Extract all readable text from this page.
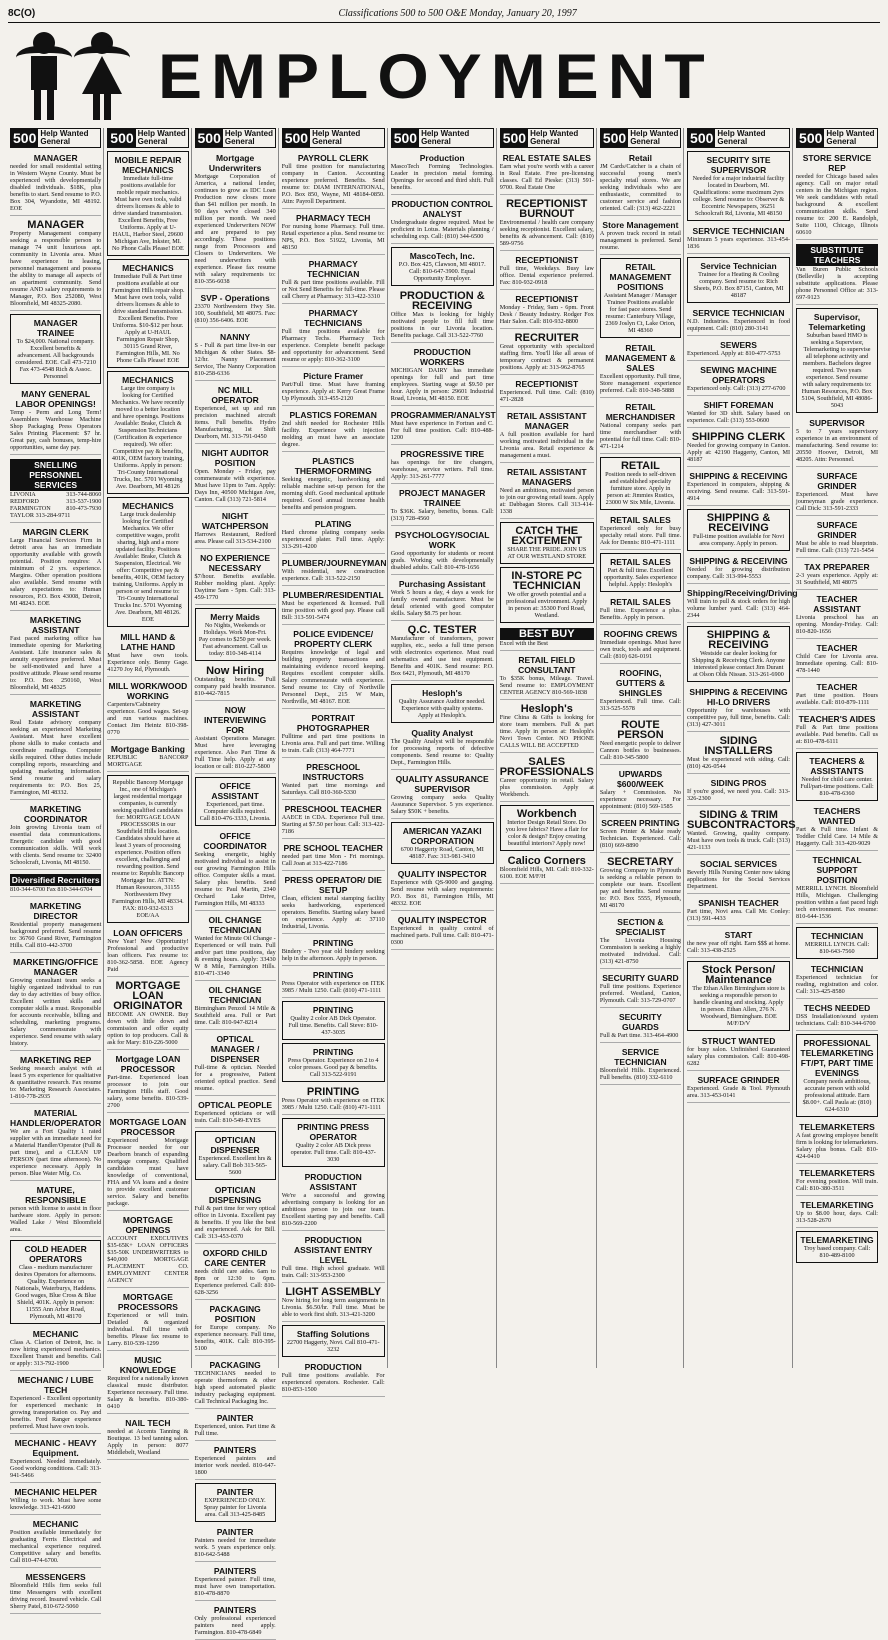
8C(O)	Classifications 500 to 500 O&E Monday, January 20, 1997
EMPLOYMENT
500 Help Wanted General
MANAGER
needed for small residential setting in Western Wayne County. Must be experienced with developmentally disabled individuals. $18K, plus benefits to start. Send resume to P.O. Box 304, Wyandotte, MI 48192. EOE
MANAGER
Property Management company seeking a responsible person to manage 74 unit luxurious apt. community in Livonia area. Must have experience in leasing, personnel management and possess the ability to manage all aspects of an apartment community. Send resume AND salary requirements to Manager, P.O. Box 252080, West Bloomfield, MI 48325-2080.
MANAGER TRAINEE
To $24,000. National company. Excellent benefits & advancement. All backgrounds considered. EOE. Call 473-7210 Fax 473-4548 Rich & Assoc. Personnel
MANY GENERAL LABOR OPENINGS!
Temp - Perm and Long Term! Assemblers Warehouse Machine Shop Packaging Press Operators Sales Printing Placement: $7 hr. Great pay, cash bonuses, temp-hire opportunities, same day pay.
SNELLING PERSONNEL SERVICES
LIVONIA 313-744-8060 REDFORD 313-537-1900 FARMINGTON 810-473-7930 TAYLOR 313-284-9711
MARGIN CLERK
Large Financial Services Firm in detroit area has an immediate opportunity available with growth potential. Position requires: A minimum of 2 yrs. experience. Margins. Other operation positions also available. Send resume with salary expectations to: Human resources, P.O. Box 43008, Detroit, MI 48243. EOE
MARKETING ASSISTANT
Fast paced marketing office has immediate opening for Marketing Assistant. Life insurance sales & annuity experience preferred. Must be self-motivated and have a positive attitude. Please send resume to: P.O. Box 250160, West Bloomfield, MI 48325
MARKETING ASSISTANT
Real Estate advisory company seeking an experienced Marketing Assistant. Must have excellent phone skills to make contacts and coordinate mailings. Computer skills required. Other duties include compiling reports, researching and updating marketing information. Send resume and salary requirements to: P.O. Box 25, Farmington, MI 48332.
MARKETING COORDINATOR
Join growing Livonia team of essential data communications. Energetic candidate with good communication skills. Will work with clients. Send resume to: 32400 Schoolcraft, Livonia, MI 48150.
Diversified Recruiters
810-344-6700 Fax 810-344-6704
MARKETING DIRECTOR
Residential property management background preferred. Send resume to: 36760 Grand River, Farmington Hills. Call 810-442-3700
MARKETING/OFFICE MANAGER
Growing consultant team seeks a highly organized individual to run day to day activities of busy office. Excellent written skills and computer skills a must. Responsible for accounts receivable, billing and scheduling, marketing programs. Salary commensurate with experience. Send resume with salary history.
MARKETING REP
Seeking research analyst with at least 5 yrs experience for qualitative & quantitative research. Fax resume to: Marketing Research Associates. 1-810-778-2935
MATERIAL HANDLER/OPERATOR
We are a Fort Quality 1 rated supplier with an immediate need for a Material Handler/Operator (Full & part time), and a CLEAN UP PERSON (part time afternoon). No experience necessary. Apply in person. Blue Water Mfg. Co.
MATURE, RESPONSIBLE
person with license to assist in floor hardware store. Apply in person: Walled Lake / West Bloomfield area.
COLD HEADER OPERATORS
Class - medium manufacturer desires Operators for afternoons. Quality. Experience on Nationals, Waterburys, Haddens. Good wages, Blue Cross & Blue Shield, 401K. Apply in person: 11555 Ann Arbor Road, Plymouth, MI 48170
MECHANIC
Class A. Clarion of Detroit, Inc. is now hiring experienced mechanics. Excellent Transit and benefits. Call or apply: 313-792-1900
MECHANIC / LUBE TECH
Experienced - Excellent opportunity for experienced mechanic in growing transportation co. Pay and benefits. Ford Ranger experience preferred. Must have own tools.
MECHANIC - HEAVY Equipment.
Experienced. Needed immediately. Good working conditions. Call: 313-941-5466
MECHANIC HELPER
Willing to work. Must have some knowledge. 313-421-6600
MECHANIC
Position available immediately for graduating Ferris Electrical and mechanical experience required. Competitive salary and benefits. Call 810-474-6700.
MESSENGERS
Bloomfield Hills firm seeks full time Messengers with excellent driving record. Insured vehicle. Call Sherry Patel, 810-672-5060
500 Help Wanted General
MOBILE REPAIR MECHANICS
Immediate full-time positions available for mobile repair mechanics. Must have own tools, valid drivers licenses & able to drive standard transmission. Excellent Benefits, Free Uniforms. Apply at U-HAUL, Harbor Steel, 29600 Michigan Ave, Inkster, MI. No Phone Calls Please! EOE
MECHANICS
Immediate Full & Part time positions available at our Farmington Hills repair shop. Must have own tools, valid drivers licenses & able to drive standard transmission. Excellent Benefits. Free Uniforms. $10-$12 per hour. Apply at U-HAUL Farmington Repair Shop, 30115 Grand River, Farmington Hills, MI. No Phone Calls Please! EOE
MECHANICS
Large tire company is looking for Certified Mechanics. We have recently moved to a better location and have openings. Positions Available: Brake, Clutch & Suspension Technicians (Certification & experience required). We offer: Competitive pay & benefits, 401K, OEM factory training, Uniforms. Apply in person: Tri-County International Trucks, Inc. 5701 Wyoming Ave. Dearborn, MI 48126
MECHANICS
Large truck dealership looking for Certified Mechanics. We offer competitive wages, profit sharing, high and a more updated facility. Positions Available: Brake, Clutch & Suspension, Electrical. We offer: Competitive pay & benefits, 401K, OEM factory training, Uniforms. Apply in person or send resume to: Tri-County International Trucks Inc. 5701 Wyoming Ave. Dearborn, MI 48126. EOE
MILL HAND & LATHE HAND
Must have own tools. Experience only. Benny Gage. 41270 Joy Rd, Plymouth.
MILL WORK/WOOD WORKING
Carpenters/Cabinetry experience. Good wages. Set-up and run various machines. Contact Jim Heintz 810-398-0770
Mortgage Banking
REPUBLIC BANCORP MORTGAGE
Republic Bancorp Mortgage Inc., one of Michigan's largest residential mortgage companies, is currently seeking qualified candidates for: MORTGAGE LOAN PROCESSORS in our Southfield Hills location. Candidates should have at least 3 years of processing experience. Position offers excellent, challenging and rewarding position. Send resume to: Republic Bancorp Mortgage Inc. ATTN: Human Resources, 31155 Northwestern Hwy Farmington Hills, MI 48334. FAX: 810-932-6313 EOE/AA
LOAN OFFICERS
New Year! New Opportunity! Professional and productive loan officers. Fax resume to: 810-362-5858. EOE Agency Paid
MORTGAGE LOAN ORIGINATOR
BECOME AN OWNER. Buy down with little down and commission and offer equity option to top producers. Call & ask for Mary: 810-226-5000
Mortgage LOAN PROCESSOR
Part-time. Experienced loan processor to join our Farmington Hills staff. Good salary, some benefits. 810-539-2700
MORTGAGE LOAN PROCESSOR
Experienced Mortgage Processor needed for our Dearborn branch of expanding mortgage company. Qualified candidates must have knowledge of conventional, FHA and VA loans and a desire to provide excellent customer service. Salary and benefits package.
MORTGAGE OPENINGS
ACCOUNT EXECUTIVES $35-65K+ LOAN OFFICERS $35-50K UNDERWRITERS to $40,000 MORTGAGE PLACEMENT CO. EMPLOYMENT CENTER AGENCY
MORTGAGE PROCESSORS
Experienced or will train. Detailed & organized individual. Full time with benefits. Please fax resume to Larry. 810-539-1299
MUSIC KNOWLEDGE
Required for a nationally known classical music distributor. Experience necessary. Full time. Salary & benefits. 810-380-0410
NAIL TECH
needed at Accents Tanning & Boutique. 13 bed tanning salon. Apply in person: 8077 Middlebelt, Westland
500 Help Wanted General
Mortgage Underwriters
Mortgage Corporation of America, a national lender, continues to grow as IDC Loan Production now closes more than $41 million per month. In 90 days we've closed 340 million per month. We need experienced Underwriters NOW and are prepared to pay accordingly. These positions range from Processors and Closers to Underwriters. We need underwriters with experience. Please fax resume with salary requirements to: 810-356-6038
SVP - Operations
23370 Northwestern Hwy Ste. 100, Southfield, MI 48075. Fax: (810) 356-6406. EOE
NANNY
S - Full & part time live-in our Michigan & other States. $8-12/hr. Nanny Placement Service, The Nanny Corporation 810-258-6336
NC MILL OPERATOR
Experienced, set up and run precision machined aircraft items. Full benefits. Hydro Manufacturing, 1st Shift Dearborn, MI. 313-791-0450
NIGHT AUDITOR POSITION
Open. Monday - Friday, pay commensurate with experience. Must have 11pm to 7am. Apply: Days Inn, 40500 Michigan Ave, Canton. Call (313) 721-5814
NIGHT WATCHPERSON
Harrows Restaurant, Redford area. Please call 313-534-2100
NO EXPERIENCE NECESSARY
$7/hour. Benefits available. Rubber molding plant. Apply: Daytime 5am - 5pm. Call: 313-459-1770
Merry Maids
No Nights, Weekends or Holidays. Work Mon-Fri. Pay comes to $250 per week. Fast advancement. Call us today: 810-348-4114
Now Hiring
Outstanding benefits. Full company paid health insurance. 810-442-7815
NOW INTERVIEWING FOR
Assistant Operations Manager. Must have leveraging experience. Also Part Time & Full Time help. Apply at any location or call: 810-227-5800
OFFICE ASSISTANT
Experienced, part time. Computer skills required. Call 810-476-3333, Livonia.
OFFICE COORDINATOR
Seeking energetic, highly motivated individual to assist in our growing Farmington Hills office. Computer skills a must. Salary plus benefits. Send resume to: Paul Martin, 2340 Orchard Lake Drive, Farmington Hills, MI 48333
OIL CHANGE TECHNICIAN
Wanted for Minute Oil Change - Experienced or will train. Full and/or part time positions, day & evening hours. Apply: 33430 W 8 Mile, Farmington Hills. 810-471-3340
OIL CHANGE TECHNICIAN
Birmingham Penzoil 14 Mile & Southfield area. Full or Part time. Call: 810-947-8214
OPTICAL MANAGER / DISPENSER
Full-time & optician. Needed for a progressive, Patient oriented optical practice. Send resume.
OPTICAL PEOPLE
Experienced opticians or will train. Call: 810-549-EYES
OPTICIAN DISPENSER
Experienced. Excellent hrs & salary. Call Bob 313-565-5600
OPTICIAN DISPENSING
Full & part time for very optical office in Livonia. Excellent pay & benefits. If you like the best and experienced. Ask for Bill. Call: 313-453-0370
OXFORD CHILD CARE CENTER
needs child care aides. 6am to 8pm or 12:30 to 6pm. Experience preferred. Call: 810-628-3256
PACKAGING POSITION
for Europe company. No experience necessary. Full time, benefits, 401K. Call: 810-395-5100
PACKAGING
TECHNICIANS needed to operate thermoform & other high speed automated plastic industry packaging equipment. Call Technical Packaging Inc.
PAINTER
Experienced, union. Part time & Full time.
PAINTERS
Experienced painters and interior work needed. 810-647-1800
PAINTER
EXPERIENCED ONLY. Spray painter for Livonia area. Call 313-425-8485
PAINTER
Painters needed for immediate work. 5 years experience only. 810-642-5488
PAINTERS
Experienced painter. Full time, must have own transportation. 810-478-8870
PAINTERS
Only professional experienced painters need apply. Farmington. 810-478-6849
500 Help Wanted General
PAYROLL CLERK
Full time position for manufacturing company in Canton. Accounting experience preferred. Benefits. Send resume to: DIAM INTERNATIONAL, P.O. Box 850, Wayne, MI 48184-0850. Attn: Payroll Department.
PHARMACY TECH
For nursing home Pharmacy. Full time. Retail experience a plus. Send resume to: NPS, P.O. Box 51922, Livonia, MI 48150
PHARMACY TECHNICIAN
Full & part time positions available. Fill or Not Send Benefits for full-time. Please call Cherry at Pharmacy: 313-422-3310
PHARMACY TECHNICIANS
Full time positions available for Pharmacy Techs. Pharmacy Tech experience. Complete benefit package and opportunity for advancement. Send resume or apply: 810-362-3100
Picture Framer
Part/Full time. Must have framing experience. Apply at: Kerry Great Frame Up Plymouth. 313-455-2120
PLASTICS FOREMAN
2nd shift needed for Rochester Hills facility. Experience with injection molding an must have an associate degree.
PLASTICS THERMOFORMING
Seeking energetic, hardworking and reliable machine set-up person for the morning shift. Good mechanical aptitude required. Good annual income health benefits and pension program.
PLATING
Hard chrome plating company seeks experienced plater. Full time. Apply: 313-291-4200
PLUMBER/JOURNEYMAN
With residential, new construction experience. Call: 313-522-2150
PLUMBER/RESIDENTIAL
Must be experienced & licensed. Full time position with good pay. Please call Bill: 313-591-5474
POLICE EVIDENCE/ PROPERTY CLERK
Requires knowledge of legal and building property transactions and maintaining evidence record keeping. Requires excellent computer skills. Salary commensurate with experience. Send resume to: City of Northville Personnel Dept., 215 W Main, Northville, MI 48167. EOE
PORTRAIT PHOTOGRAPHER
Fulltime and part time positions in Livonia area. Full and part time. Willing to train. Call: (313) 464-7771
PRESCHOOL INSTRUCTORS
Wanted part time mornings and Saturdays. Call 810-360-5330
PRESCHOOL TEACHER
AAECE in CDA. Experience Full time. Starting at $7.50 per hour. Call: 313-422-7186
PRE SCHOOL TEACHER
needed part time Mon - Fri mornings. Call Joan at 313-422-7186
PRESS OPERATOR/ DIE SETUP
Clean, efficient metal stamping facility seeks hardworking, experienced operators. Benefits. Starting salary based on experience. Apply at: 37110 Industrial, Livonia.
PRINTING
Bindery - Two year old bindery seeking help in the afternoon. Apply in person.
PRINTING
Press Operator with experience on ITEK 3985 / Multi 1250. Call: (810) 471-1111
PRINTING
Quality 2 color AB Dick Operator. Full time. Benefits. Call Steve: 810-437-3035
PRINTING
Press Operator. Experience on 2 to 4 color presses. Good pay & benefits. Call 313-522-9191
PRINTING
Press Operator with experience on ITEK 3985 / Multi 1250. Call: (810) 471-1111
PRINTING PRESS OPERATOR
Quality 2 color AB Dick press operator. Full time. Call: 810-437-3030
PRODUCTION ASSISTANT
We're a successful and growing advertising company is looking for an ambitious person to join our team. Excellent starting pay and benefits. Call 810-569-2200
PRODUCTION ASSISTANT ENTRY LEVEL
Full time. High school graduate. Will train. Call: 313-953-2300
LIGHT ASSEMBLY
Now hiring for long term assignments in Livonia. $6.50/hr. Full time. Must be able to work first shift. 313-421-3200
Staffing Solutions
22700 Haggerty, Novi. Call 810-471-3232
PRODUCTION
Full time positions available. For experienced operators. Rochester. Call: 810-853-1500
500 Help Wanted General
Production
MascoTech Forming Technologies. Leader in precision metal forming. Openings for second and third shift. Full benefits.
PRODUCTION CONTROL ANALYST
Undergraduate degree required. Must be proficient in Lotus. Materials planning / scheduling exp. Call: (810) 344-6500
MascoTech, Inc.
P.O. Box 425, Clawson, MI 48017. Call: 810-647-3900. Equal Opportunity Employer.
PRODUCTION & RECEIVING
Office Max is looking for highly motivated people to fill full time positions in our Livonia location. Benefits package. Call 313-522-7760
PRODUCTION WORKERS
MICHIGAN DAIRY has immediate openings for full and part time employees. Starting wage at $9.50 per hour. Apply in person: 29601 Industrial Road, Livonia, MI 48150. EOE
PROGRAMMER/ANALYST
Must have experience in Fortran and C. For full time position. Call: 810-488-1200
PROGRESSIVE TIRE
has openings for tire changers, warehouse, service writers. Full time. Apply: 313-261-7777
PROJECT MANAGER TRAINEE
To $36K. Salary, benefits, bonus. Call: (313) 728-4560
PSYCHOLOGY/SOCIAL WORK
Good opportunity for students or recent grads. Working with developmentally disabled adults. Call: 810-478-1656
Purchasing Assistant
Work 5 hours a day, 4 days a week for family owned manufacturer. Must be detail oriented with good computer skills. Salary $8.75 per hour.
Q.C. TESTER
Manufacturer of transformers, power supplies, etc., seeks a full time person with electronics experience. Must read schematics and use test equipment. Benefits and 401K. Send resume: P.O. Box 6421, Plymouth, MI 48170
Hesloph's
Quality Assurance Auditor needed. Experience with quality systems. Apply at Hesloph's.
Quality Analyst
The Quality Analyst will be responsible for processing reports of defective components. Send resume to: Quality Dept., Farmington Hills.
QUALITY ASSURANCE SUPERVISOR
Growing company seeks Quality Assurance Supervisor. 5 yrs experience. Salary $50K + benefits.
AMERICAN YAZAKI CORPORATION
6700 Haggerty Road, Canton, MI 48187. Fax: 313-981-3410
QUALITY INSPECTOR
Experience with QS-9000 and gauging. Send resume with salary requirements: P.O. Box 81, Farmington Hills, MI 48332. EOE
QUALITY INSPECTOR
Experienced in quality control of machined parts. Full time. Call: 810-471-0300
500 Help Wanted General
REAL ESTATE SALES
Earn what you're worth with a career in Real Estate. Free pre-licensing classes. Call Ed Pieske: (313) 591-9700. Real Estate One
RECEPTIONIST BURNOUT
Environmental / health care company seeking receptionist. Excellent salary, benefits & advancement. Call: (810) 589-9756
RECEPTIONIST
Full time, Weekdays. Busy law office. Dental experience preferred. Fax: 810-932-0918
RECEPTIONIST
Monday - Friday, 9am - 6pm. Front Desk / Beauty Industry. Rodger Fox Hair Salon. Call: 810-932-8800
RECRUITER
Great opportunity with specialized staffing firm. You'll like all areas of temporary contract & permanent positions. Apply at: 313-962-8765
RECEPTIONIST
Experienced. Full time. Call: (810) 471-2828
RETAIL ASSISTANT MANAGER
A full position available for hard working motivated individual in the Livonia area. Retail experience & management a must.
RETAIL ASSISTANT MANAGERS
Need an ambitious, motivated person to join our growing retail team. Apply at: Dabbagan Stores. Call 313-414-1338
CATCH THE EXCITEMENT
SHARE THE PRIDE. JOIN US AT OUR WESTLAND STORE
IN-STORE PC TECHNICIAN
We offer growth potential and a professional environment. Apply in person at: 35300 Ford Road, Westland.
BEST BUY
Excel with the Best
RETAIL FIELD CONSULTANT
To $35K bonus, Mileage. Travel. Send resume to: EMPLOYMENT CENTER AGENCY 810-569-1838
Hesloph's
Fine China & Gifts is looking for store team members. Full & part time. Apply in person at: Hesloph's Novi Town Center. NO PHONE CALLS WILL BE ACCEPTED
SALES PROFESSIONALS
Career opportunity in retail. Salary plus commission. Apply at Workbench.
Workbench
Interior Design Retail Store. Do you love fabrics? Have a flair for color & design? Enjoy creating beautiful interiors? Apply now!
Calico Corners
Bloomfield Hills, MI. Call: 810-332-6100. EOE M/F/H
500 Help Wanted General
Retail
JM Cards/Catcher is a chain of successful young men's specialty retail stores. We are seeking individuals who are enthusiastic, committed to customer service and fashion oriented. Call: (313) 462-2221
Store Management
A proven track record in retail management is preferred. Send resume.
RETAIL MANAGEMENT POSITIONS
Assistant Manager / Manager Trainee Positions available for fast pace stores. Send resume: Canterbury Village, 2369 Joslyn Ct, Lake Orion, MI 48360
RETAIL MANAGEMENT & SALES
Excellent opportunity. Full time, Store management experience preferred. Call: 810-348-5888
RETAIL MERCHANDISER
National company seeks part time merchandiser with potential for full time. Call: 810-471-1214
RETAIL
Position needs to self-driven and established specialty furniture store. Apply in person at: Jimmies Rustics, 23000 W Six Mile, Livonia.
RETAIL SALES
Experienced only for busy specialty retail store. Full time. Ask for Dennis: 810-471-1111
RETAIL SALES
Part & full time. Excellent opportunity. Sales experience helpful. Apply: Hesloph's
RETAIL SALES
Full time. Experience a plus. Benefits. Apply in person.
ROOFING CREWS
Immediate openings. Must have own truck, tools and equipment. Call: (810) 626-0191
ROOFING, GUTTERS & SHINGLES
Experienced. Full time. Call: 313-525-5578
ROUTE PERSON
Need energetic people to deliver Cannon bottles to businesses. Call: 810-345-5800
UPWARDS $600/WEEK
Salary + Commission. No experience necessary. For appointment: (810) 569-1585
SCREEN PRINTING
Screen Printer & Make ready Technician. Experienced. Call: (810) 669-8890
SECRETARY
Growing Company in Plymouth is seeking a reliable person to complete our team. Excellent pay and benefits. Send resume to: P.O. Box 5555, Plymouth, MI 48170
SECTION & SPECIALIST
The Livonia Housing Commission is seeking a highly motivated individual. Call: (313) 421-8750
SECURITY GUARD
Full time positions. Experience preferred. Westland, Canton, Plymouth. Call: 313-729-0707
SECURITY GUARDS
Full & Part time. 313-464-4900
SERVICE TECHNICIAN
Bloomfield Hills. Experienced. Full benefits. (810) 332-6110
500 Help Wanted General
SECURITY SITE SUPERVISOR
Needed for a major industrial facility located in Dearborn, MI. Qualifications: some maximum 2yrs college. Send resume to: Observer & Eccentric Newspapers, 36251 Schoolcraft Rd, Livonia, MI 48150
SERVICE TECHNICIAN
Minimum 5 years experience. 313-454-1836
Service Technician
Trainee for a Heating & Cooling company. Send resume to: Rich Sheets, P.O. Box 87151, Canton, MI 48187
SERVICE TECHNICIAN
N.D. Industries. Experienced in food equipment. Call: (810) 280-3141
SEWERS
Experienced. Apply at: 810-477-5753
SEWING MACHINE OPERATORS
Experienced only. Call: (313) 277-6700
SHIFT FOREMAN
Wanted for 3D shift. Salary based on experience. Call: (313) 553-0600
SHIPPING CLERK
Needed for growing company in Canton. Apply at: 42190 Haggerty, Canton, MI 48187
SHIPPING & RECEIVING
Experienced in computers, shipping & receiving. Send resume. Call: 313-591-4914
SHIPPING & RECEIVING
Full-time position available for Novi area company. Apply in person.
SHIPPING & RECEIVING
Needed for growing distribution company. Call: 313-994-5553
Shipping/Receiving/Driving
Will train to pull & stock orders for high volume lumber yard. Call: (313) 464-2344
SHIPPING & RECEIVING
Westside car dealer looking for Shipping & Receiving Clerk. Anyone interested please contact Jim Durant at Olson Olds Nissan. 313-261-6900
SHIPPING & RECEIVING HI-LO DRIVERS
Opportunity for warehouses with competitive pay, full time, benefits. Call: (313) 427-3011
SIDING INSTALLERS
Must be experienced with siding. Call: (810) 426-0544
SIDING PROS
If you're good, we need you. Call: 313-326-2300
SIDING & TRIM SUBCONTRACTORS
Wanted. Growing, quality company. Must have own tools & truck. Call: (313) 421-1133
SOCIAL SERVICES
Beverly Hills Nursing Center now taking applications for the Social Services Department.
SPANISH TEACHER
Part time, Novi area. Call Mr. Conley: (313) 591-4433
START
the new year off right. Earn $$$ at home. Call: 313-438-2525
Stock Person/ Maintenance
The Ethan Allen Birmingham store is seeking a responsible person to handle cleaning and stocking. Apply in person. Ethan Allen, 276 N. Woodward, Birmingham. EOE M/F/D/V
STRUCT WANTED
for busy salon. Unfinished Guaranteed salary plus commission. Call: 810-498-6282
SURFACE GRINDER
Experienced. Grade & Tool. Plymouth area. 313-453-0141
500 Help Wanted General
STORE SERVICE REP
needed for Chicago based sales agency. Call on major retail centers in the Michigan region. We seek candidates with retail background & excellent communication skills. Send resume to: 200 E. Randolph, Suite 1100, Chicago, Illinois 60610
SUBSTITUTE TEACHERS
Van Buren Public Schools (Belleville) is accepting substitute applications. Please phone Personnel Office at: 313-697-9123
Supervisor, Telemarketing
Suburban based HMO is seeking a Supervisor, Telemarketing to supervise all telephone activity and members. Bachelors degree required. Two years experience. Send resume with salary requirements to: Human Resources, P.O. Box 5104, Southfield, MI 48086-5043
SUPERVISOR
5 to 7 years supervisory experience in an environment of manufacturing. Send resume to: 20550 Hoover, Detroit, MI 48205. Attn: Personnel.
SURFACE GRINDER
Experienced. Must have journeyman grade experience. Call Dick: 313-591-2333
SURFACE GRINDER
Must be able to read blueprints. Full time. Call: (313) 721-5454
TAX PREPARER
2-3 years experience. Apply at: 31 Southfield, MI 48075
TEACHER ASSISTANT
Livonia preschool has an opening. Monday-Friday. Call: 810-820-1656
TEACHER
Child Care for Livonia area. Immediate opening. Call: 810-478-1440
TEACHER
Part time position. Hours available. Call: 810-879-1111
TEACHER'S AIDES
Full & Part time positions available. Paid benefits. Call us at: 810-478-6111
TEACHERS & ASSISTANTS
Needed for child care center. Full/part-time positions. Call: 810-478-6360
TEACHERS WANTED
Part & Full time. Infant & Toddler Child Care. 14 Mile & Haggerty. Call: 313-420-9029
TECHNICAL SUPPORT POSITION
MERRILL LYNCH. Bloomfield Hills, Michigan. Challenging position within a fast paced high tech environment. Fax resume: 810-644-1536
TECHNICIAN
MERRILL LYNCH. Call: 810-643-7560
TECHNICIAN
Experienced technician for reading, registration and color. Call: 313-425-8580
TECHS NEEDED
DSS Installation/sound system technicians. Call: 810-344-6700
PROFESSIONAL TELEMARKETING FT/PT, PART TIME EVENINGS
Company needs ambitious, accurate person with solid professional attitude. Earn $8.00+. Call Paula at: (810) 624-6310
TELEMARKETERS
A fast growing employee benefit firm is looking for telemarketers. Salary plus bonus. Call: 810-424-0410
TELEMARKETERS
For evening position. Will train. Call: 810-380-3511
TELEMARKETING
Up to $8.00 hour, days. Call: 313-528-2670
TELEMARKETING
Troy based company. Call: 810-489-8100
